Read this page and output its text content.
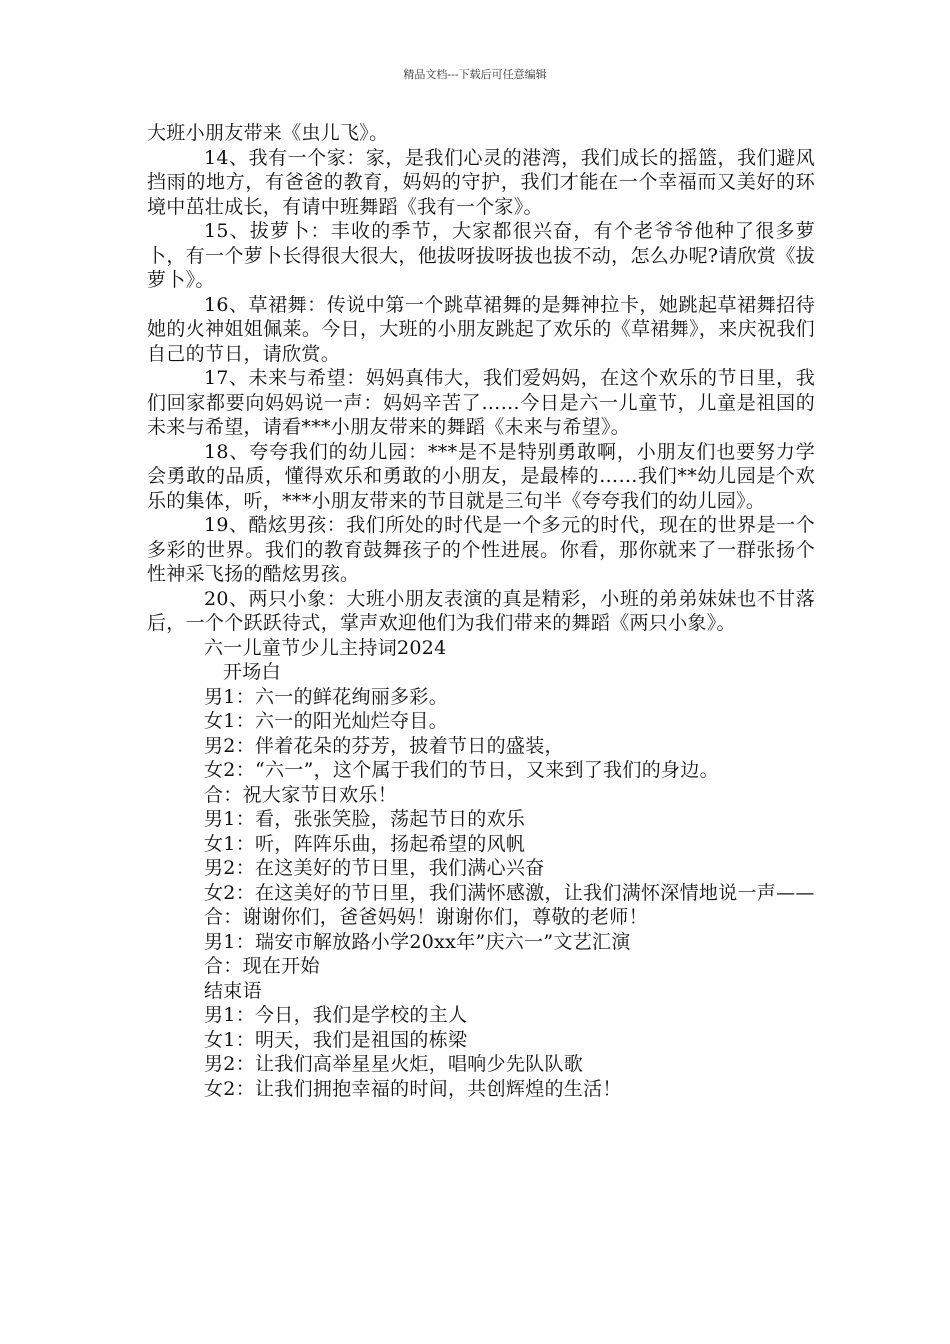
精品文档---下载后可任意编辑

大班小朋友带来《虫儿飞》。

14、我有一个家：家，是我们心灵的港湾，我们成长的摇篮，我们避风挡雨的地方，有爸爸的教育，妈妈的守护，我们才能在一个幸福而又美好的环境中茁壮成长，有请中班舞蹈《我有一个家》。

15、拔萝卜：丰收的季节，大家都很兴奋，有个老爷爷他种了很多萝卜，有一个萝卜长得很大很大，他拔呀拔呀拔也拔不动，怎么办呢?请欣赏《拔萝卜》。

16、草裙舞：传说中第一个跳草裙舞的是舞神拉卡，她跳起草裙舞招待她的火神姐姐佩莱。今日，大班的小朋友跳起了欢乐的《草裙舞》，来庆祝我们自己的节日，请欣赏。

17、未来与希望：妈妈真伟大，我们爱妈妈，在这个欢乐的节日里，我们回家都要向妈妈说一声：妈妈辛苦了……今日是六一儿童节，儿童是祖国的未来与希望，请看***小朋友带来的舞蹈《未来与希望》。

18、夸夸我们的幼儿园：***是不是特别勇敢啊，小朋友们也要努力学会勇敢的品质，懂得欢乐和勇敢的小朋友，是最棒的……我们**幼儿园是个欢乐的集体，听，***小朋友带来的节目就是三句半《夸夸我们的幼儿园》。

19、酷炫男孩：我们所处的时代是一个多元的时代，现在的世界是一个多彩的世界。我们的教育鼓舞孩子的个性进展。你看，那你就来了一群张扬个性神采飞扬的酷炫男孩。

20、两只小象：大班小朋友表演的真是精彩，小班的弟弟妹妹也不甘落后，一个个跃跃待式，掌声欢迎他们为我们带来的舞蹈《两只小象》。

六一儿童节少儿主持词2024

开场白

男1：六一的鲜花绚丽多彩。

女1：六一的阳光灿烂夺目。

男2：伴着花朵的芬芳，披着节日的盛装，

女2：“六一”，这个属于我们的节日，又来到了我们的身边。

合：祝大家节日欢乐！

男1：看，张张笑脸，荡起节日的欢乐

女1：听，阵阵乐曲，扬起希望的风帆

男2：在这美好的节日里，我们满心兴奋

女2：在这美好的节日里，我们满怀感激，让我们满怀深情地说一声——

合：谢谢你们，爸爸妈妈！谢谢你们，尊敬的老师！

男1：瑞安市解放路小学20xx年”庆六一”文艺汇演

合：现在开始

结束语

男1：今日，我们是学校的主人

女1：明天，我们是祖国的栋梁

男2：让我们高举星星火炬，唱响少先队队歌

女2：让我们拥抱幸福的时间，共创辉煌的生活！
